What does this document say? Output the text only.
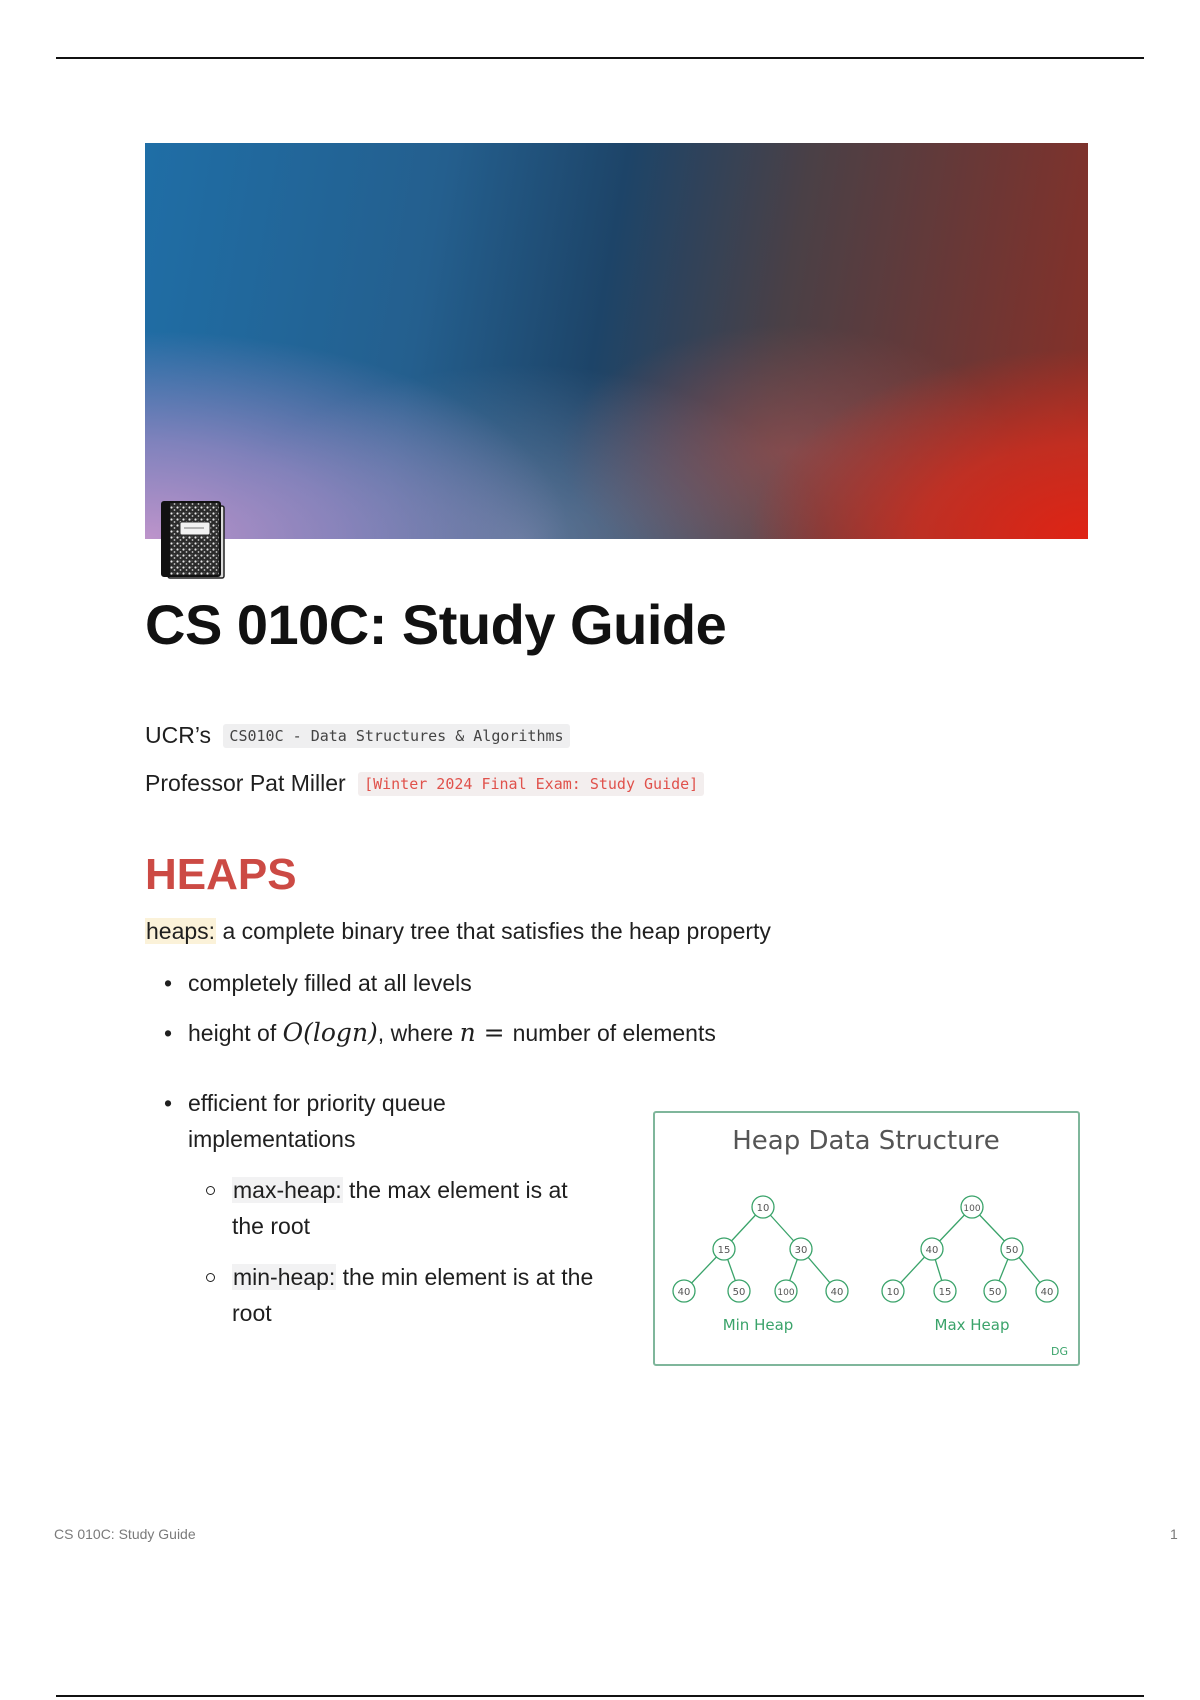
CS 010C: Study Guide
UCR’s CS010C - Data Structures & Algorithms
Professor Pat Miller [Winter 2024 Final Exam: Study Guide]
HEAPS
heaps: a complete binary tree that satisfies the heap property
• completely filled at all levels
• height of O(logn), where n = number of elements
• efficient for priority queue implementations
max-heap: the max element is at the root
min-heap: the min element is at the root
Heap Data Structure
10
15	30
40	50	100	40
100
40	50
10	15	50	40
Min Heap	Max Heap
DG
CS 010C: Study Guide	1
